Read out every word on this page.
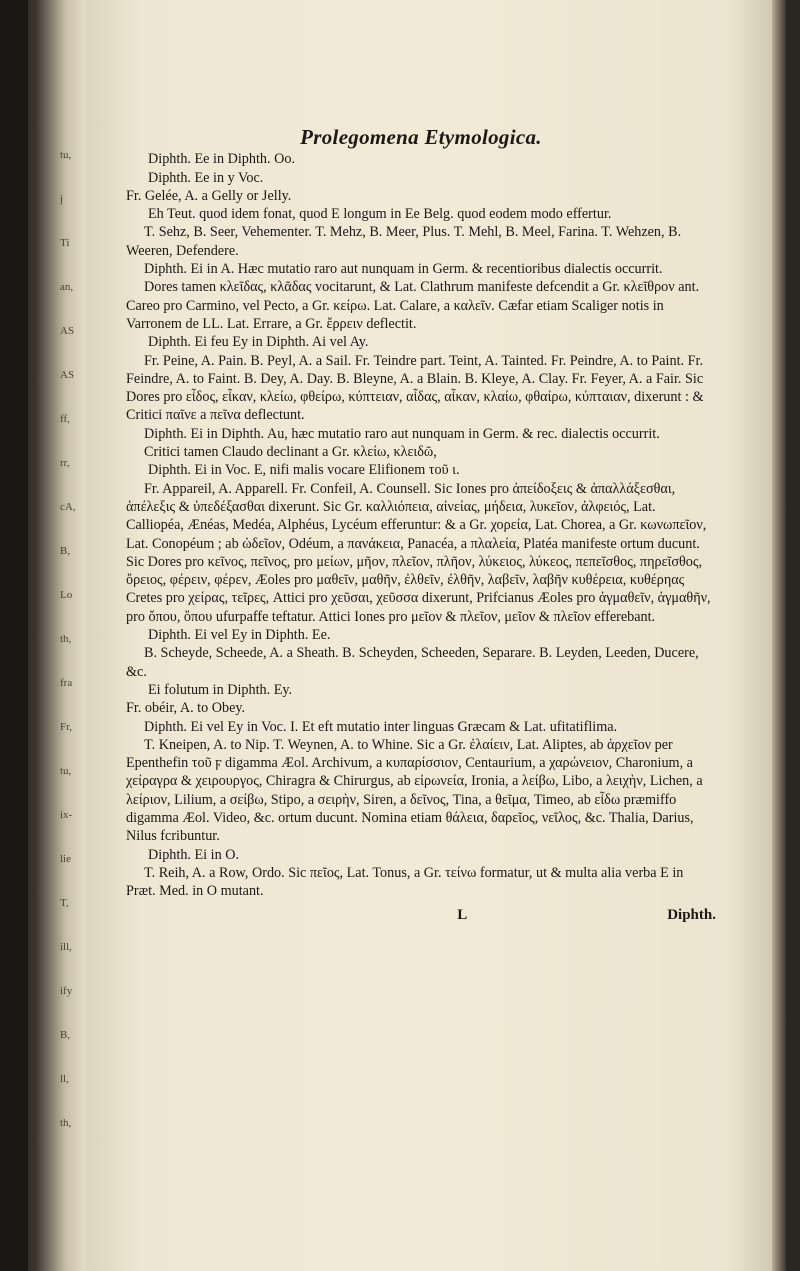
tu,
j
Ti
an,
AS
AS
ff,
rr,
cA,
B,
Lo
th,
fra
Fr,
tu,
ix-
lie
T,
ill,
ify
B,
ll,
th,
Prolegomena Etymologica.

Diphth. Ee in Diphth. Oo.

Diphth. Ee in y Voc.

Fr. Gelée, A. a Gelly or Jelly.

Eh Teut. quod idem fonat, quod E longum in Ee Belg. quod eodem modo effertur.

T. Sehz, B. Seer, Vehementer. T. Mehz, B. Meer, Plus. T. Mehl, B. Meel, Farina. T. Wehzen, B. Weeren, Defendere.

Diphth. Ei in A. Hæc mutatio raro aut nunquam in Germ. & recentioribus dialectis occurrit.

Dores tamen κλεῖδας, κλᾶδας vocitarunt, & Lat. Clathrum manifeste defcendit a Gr. κλεῖθρον ant. Careo pro Carmino, vel Pecto, a Gr. κείρω. Lat. Calare, a καλεῖν. Cæfar etiam Scaliger notis in Varronem de LL. Lat. Errare, a Gr. ἔρρειν deflectit.

Diphth. Ei feu Ey in Diphth. Ai vel Ay.

Fr. Peine, A. Pain. B. Peyl, A. a Sail. Fr. Teindre part. Teint, A. Tainted. Fr. Peindre, A. to Paint. Fr. Feindre, A. to Faint. B. Dey, A. Day. B. Bleyne, A. a Blain. B. Kleye, A. Clay. Fr. Feyer, A. a Fair. Sic Dores pro εἶδος, εἶκαν, κλείω, φθείρω, κύπτειαν, αἶδας, αἶκαν, κλαίω, φθαίρω, κύπταιαν, dixerunt : & Critici παῖνε a πεῖνα deflectunt.

Diphth. Ei in Diphth. Au, hæc mutatio raro aut nunquam in Germ. & rec. dialectis occurrit.

Critici tamen Claudo declinant a Gr. κλείω, κλειδῶ,

Diphth. Ei in Voc. E, nifi malis vocare Elifionem τοῦ ι.

Fr. Appareil, A. Apparell. Fr. Confeil, A. Counsell. Sic Iones pro ἀπείδοξεις & ἀπαλλάξεσθαι, ἀπέλεξις & ὑπεδέξασθαι dixerunt. Sic Gr. καλλιόπεια, αἰνείας, μήδεια, λυκεῖον, ἀλφειός, Lat. Calliopéa, Ænéas, Medéa, Alphéus, Lycéum efferuntur: & a Gr. χορεία, Lat. Chorea, a Gr. κωνωπεῖον, Lat. Conopéum ; ab ὠδεῖον, Odéum, a πανάκεια, Panacéa, a πλαλεία, Platéa manifeste ortum ducunt. Sic Dores pro κεῖνος, πεῖνος, pro μείων, μῆον, πλεῖον, πλῆον, λύκειος, λύκεος, πεπεῖσθος, πηρεῖσθος, ὄρειος, φέρειν, φέρεν, Æoles pro μαθεῖν, μαθῆν, ἐλθεῖν, ἐλθῆν, λαβεῖν, λαβῆν κυθέρεια, κυθέρηας Cretes pro χείρας, τεῖρες, Attici pro χεῦσαι, χεῦσσα dixerunt, Prifcianus Æoles pro ἀγμαθεῖν, ἀγμαθῆν, pro ὄπου, ὅπου ufurpaffe teftatur. Attici Iones pro μεῖον & πλεῖον, μεῖον & πλεῖον efferebant.

Diphth. Ei vel Ey in Diphth. Ee.

B. Scheyde, Scheede, A. a Sheath. B. Scheyden, Scheeden, Separare. B. Leyden, Leeden, Ducere, &c.

Ei folutum in Diphth. Ey.

Fr. obéir, A. to Obey.

Diphth. Ei vel Ey in Voc. I. Et eft mutatio inter linguas Græcam & Lat. ufitatiflima.

T. Kneipen, A. to Nip. T. Weynen, A. to Whine. Sic a Gr. ἐλαίειν, Lat. Aliptes, ab ἀρχεῖον per Epenthefin τοῦ ϝ digamma Æol. Archivum, a κυπαρίσσιον, Centaurium, a χαρώνειον, Charonium, a χείραγρα & χειρουργος, Chiragra & Chirurgus, ab εἰρωνεία, Ironia, a λείβω, Libo, a λειχὴν, Lichen, a λείριον, Lilium, a σείβω, Stipo, a σειρὴν, Siren, a δεῖνος, Tina, a θεῖμα, Timeo, ab εἶδω præmiffo digamma Æol. Video, &c. ortum ducunt. Nomina etiam θάλεια, δαρεῖος, νεῖλος, &c. Thalia, Darius, Nilus fcribuntur.

Diphth. Ei in O.

T. Reih, A. a Row, Ordo. Sic πεῖος, Lat. Tonus, a Gr. τείνω formatur, ut & multa alia verba E in Præt. Med. in O mutant.

L	Diphth.
